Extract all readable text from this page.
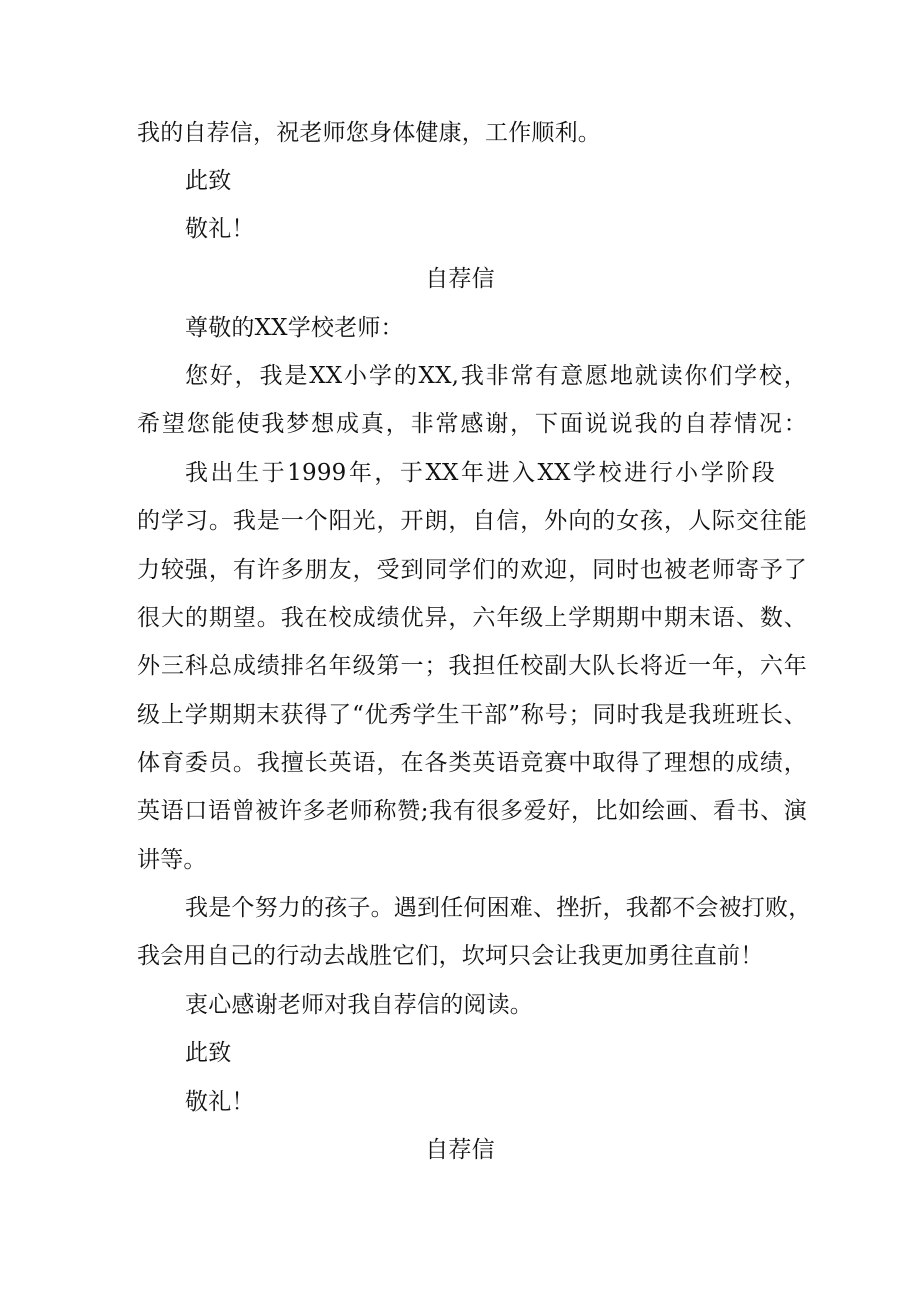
我的自荐信，祝老师您身体健康，工作顺利。
此致
敬礼！
自荐信
尊敬的XX学校老师：
您好，我是XX小学的XX,我非常有意愿地就读你们学校，
希望您能使我梦想成真，非常感谢，下面说说我的自荐情况：
我出生于1999年，于XX年进入XX学校进行小学阶段
的学习。我是一个阳光，开朗，自信，外向的女孩，人际交往能
力较强，有许多朋友，受到同学们的欢迎，同时也被老师寄予了
很大的期望。我在校成绩优异，六年级上学期期中期末语、数、
外三科总成绩排名年级第一；我担任校副大队长将近一年，六年
级上学期期末获得了“优秀学生干部”称号；同时我是我班班长、
体育委员。我擅长英语，在各类英语竞赛中取得了理想的成绩，
英语口语曾被许多老师称赞;我有很多爱好，比如绘画、看书、演
讲等。
我是个努力的孩子。遇到任何困难、挫折，我都不会被打败，
我会用自己的行动去战胜它们，坎坷只会让我更加勇往直前！
衷心感谢老师对我自荐信的阅读。
此致
敬礼！
自荐信
